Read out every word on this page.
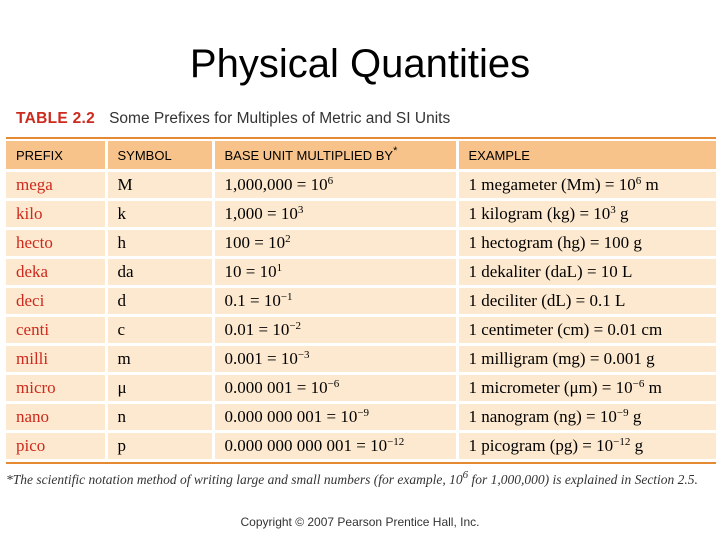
Physical Quantities
TABLE 2.2 Some Prefixes for Multiples of Metric and SI Units
PREFIX	SYMBOL	BASE UNIT MULTIPLIED BY*	EXAMPLE
mega	M	$1,000,000 = 10^6$	1 megameter $(Mm) = 10^6$ m
kilo	k	$1,000 = 10^3$	1 kilogram $(kg) = 10^3$ g
hecto	h	$100 = 10^2$	1 hectogram (hg) = 100 g
deka	da	$10 = 10^1$	1 dekaliter (daL) = 10 L
deci	d	$0.1 = 10^{-1}$	1 deciliter (dL) = 0.1 L
centi	c	$0.01 = 10^{-2}$	1 centimeter (cm) = 0.01 cm
milli	m	$0.001 = 10^{-3}$	1 milligram (mg) = 0.001 g
micro	μ	0.000 $001 = 10^{-6}$	1 micrometer $(\mu m) = 10^{-6}$ m
nano	n	0.000 000 $001 = 10^{-9}$	1 nanogram $(ng) = 10^{-9}$ g
pico	p	0.000 000 000 $001 = 10^{-12}$	1 picogram $(pg) = 10^{-12}$ g
*The scientific notation method of writing large and small numbers (for example, $10^6$ for 1,000,000) is explained in Section 2.5.
Copyright © 2007 Pearson Prentice Hall, Inc.
